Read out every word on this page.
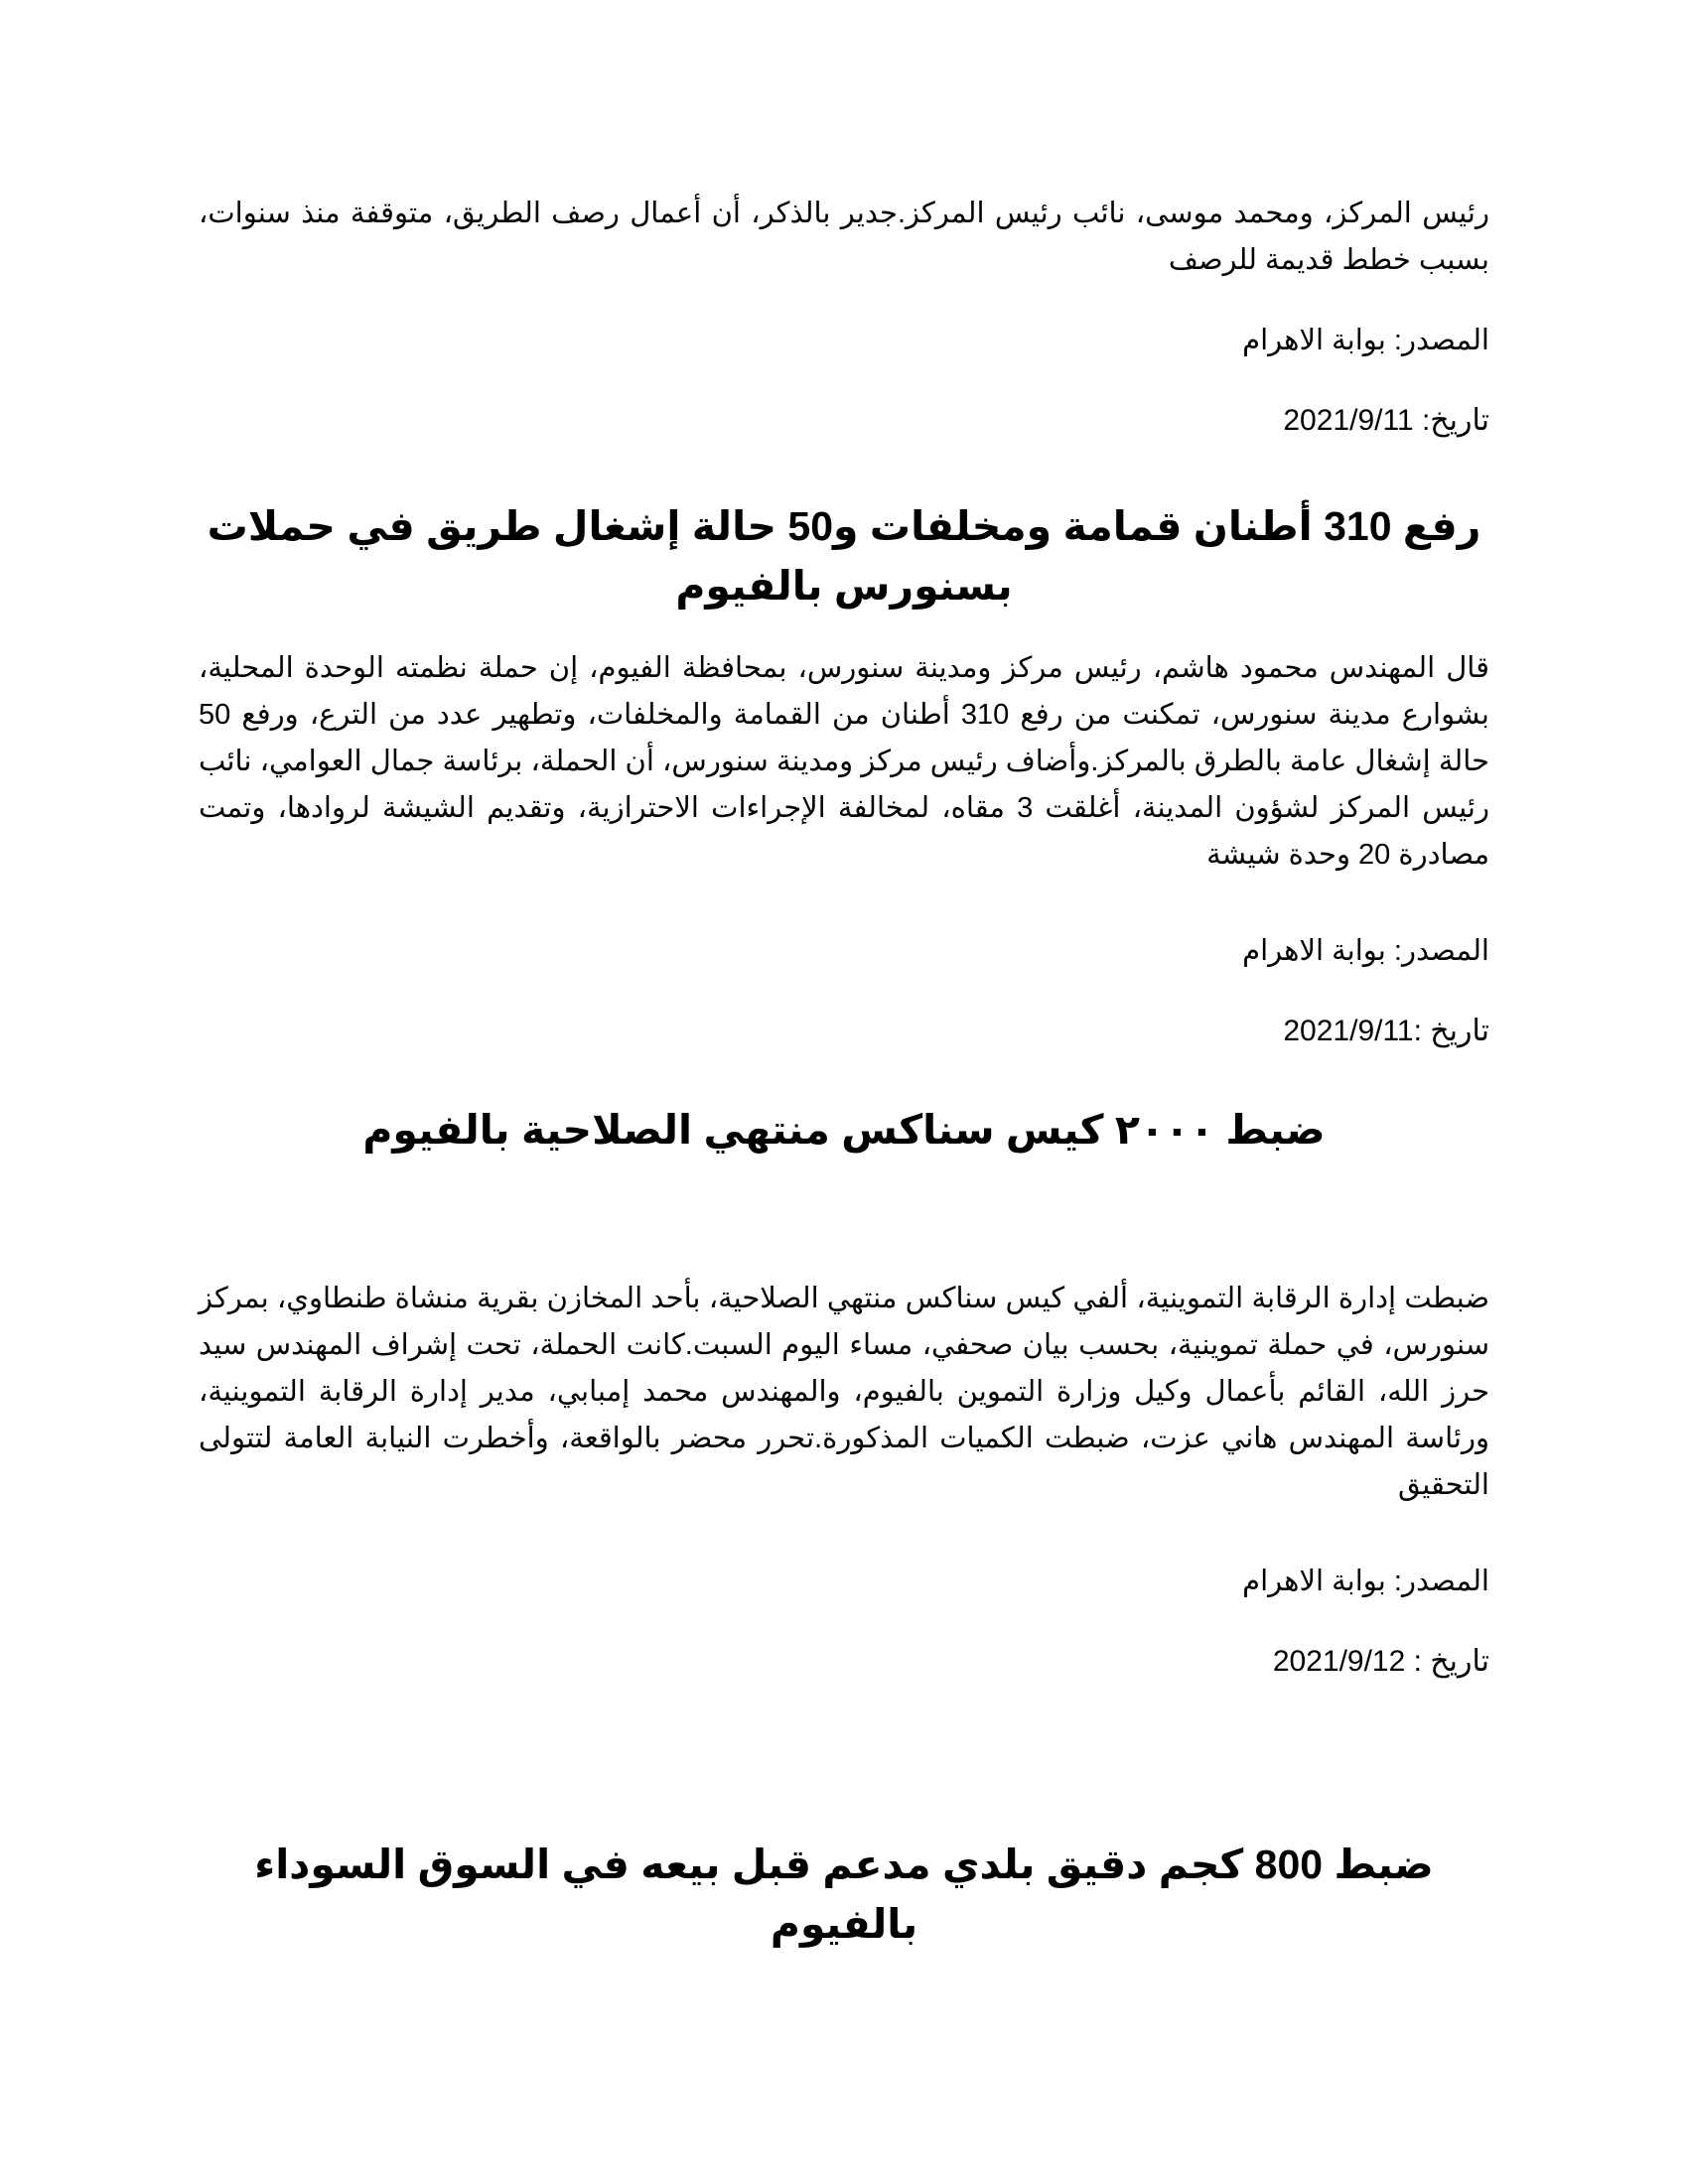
رئيس المركز، ومحمد موسى، نائب رئيس المركز.جدير بالذكر، أن أعمال رصف الطريق، متوقفة منذ سنوات، بسبب خطط قديمة للرصف

المصدر: بوابة الاهرام

تاريخ: 2021/9/11

رفع 310 أطنان قمامة ومخلفات و50 حالة إشغال طريق في حملات بسنورس بالفيوم

قال المهندس محمود هاشم، رئيس مركز ومدينة سنورس، بمحافظة الفيوم، إن حملة نظمته الوحدة المحلية، بشوارع مدينة سنورس، تمكنت من رفع 310 أطنان من القمامة والمخلفات، وتطهير عدد من الترع، ورفع 50 حالة إشغال عامة بالطرق بالمركز.وأضاف رئيس مركز ومدينة سنورس، أن الحملة، برئاسة جمال العوامي، نائب رئيس المركز لشؤون المدينة، أغلقت 3 مقاه، لمخالفة الإجراءات الاحترازية، وتقديم الشيشة لروادها، وتمت مصادرة 20 وحدة شيشة

المصدر: بوابة الاهرام

تاريخ :2021/9/11

ضبط ٢٠٠٠ كيس سناكس منتهي الصلاحية بالفيوم

ضبطت إدارة الرقابة التموينية، ألفي كيس سناكس منتهي الصلاحية، بأحد المخازن بقرية منشاة طنطاوي، بمركز سنورس، في حملة تموينية، بحسب بيان صحفي، مساء اليوم السبت.كانت الحملة، تحت إشراف المهندس سيد حرز الله، القائم بأعمال وكيل وزارة التموين بالفيوم، والمهندس محمد إمبابي، مدير إدارة الرقابة التموينية، ورئاسة المهندس هاني عزت، ضبطت الكميات المذكورة.تحرر محضر بالواقعة، وأخطرت النيابة العامة لتتولى التحقيق

المصدر: بوابة الاهرام

تاريخ : 2021/9/12

ضبط 800 كجم دقيق بلدي مدعم قبل بيعه في السوق السوداء بالفيوم
